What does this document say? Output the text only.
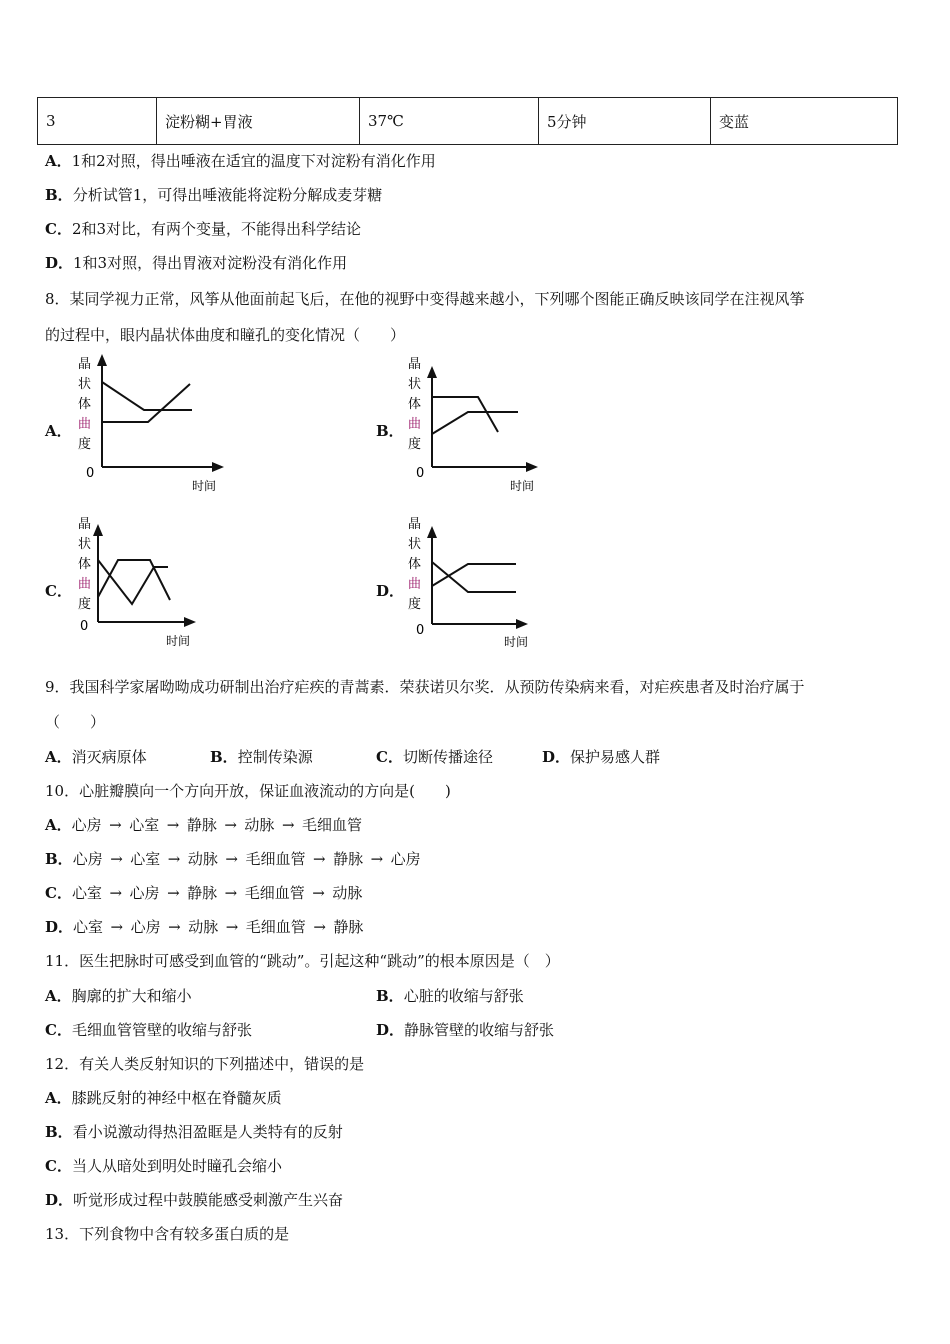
3	淀粉糊+胃液	37℃	5分钟	变蓝
A．1和2对照，得出唾液在适宜的温度下对淀粉有消化作用
B．分析试管1，可得出唾液能将淀粉分解成麦芽糖
C．2和3对比，有两个变量，不能得出科学结论
D．1和3对照，得出胃液对淀粉没有消化作用
8．某同学视力正常，风筝从他面前起飞后，在他的视野中变得越来越小，下列哪个图能正确反映该同学在注视风筝
的过程中，眼内晶状体曲度和瞳孔的变化情况（　　）
A．
晶
状
体
曲
度
0
时间
B．
晶
状
体
曲
度
0
时间
C．
晶
状
体
曲
度
0
时间
D．
晶
状
体
曲
度
0
时间
9．我国科学家屠呦呦成功研制出治疗疟疾的青蒿素．荣获诺贝尔奖．从预防传染病来看，对疟疾患者及时治疗属于
（　　）
A．消灭病原体	B．控制传染源	C．切断传播途径	D．保护易感人群
10．心脏瓣膜向一个方向开放，保证血液流动的方向是(　　)
A．心房  →  心室  →  静脉  →  动脉  →  毛细血管
B．心房  →  心室  →  动脉  →  毛细血管  →  静脉  →  心房
C．心室  →  心房  →  静脉  →  毛细血管  →  动脉
D．心室  →  心房  →  动脉  →  毛细血管  →  静脉
11．医生把脉时可感受到血管的“跳动”。引起这种“跳动”的根本原因是（　）
A．胸廓的扩大和缩小	B．心脏的收缩与舒张
C．毛细血管管壁的收缩与舒张	D．静脉管壁的收缩与舒张
12．有关人类反射知识的下列描述中，错误的是
A．膝跳反射的神经中枢在脊髓灰质
B．看小说激动得热泪盈眶是人类特有的反射
C．当人从暗处到明处时瞳孔会缩小
D．听觉形成过程中鼓膜能感受刺激产生兴奋
13．下列食物中含有较多蛋白质的是
